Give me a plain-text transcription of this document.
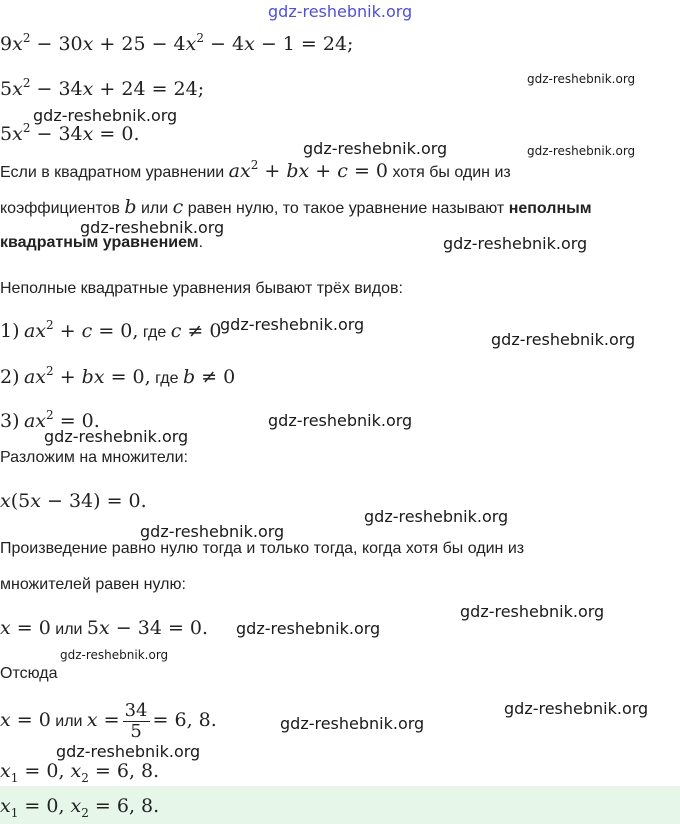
gdz-reshebnik.org
gdz-reshebnik.org
gdz-reshebnik.org
gdz-reshebnik.org	gdz-reshebnik.org
gdz-reshebnik.org
gdz-reshebnik.org
gdz-reshebnik.org
gdz-reshebnik.org
gdz-reshebnik.org
gdz-reshebnik.org
gdz-reshebnik.org
gdz-reshebnik.org
gdz-reshebnik.org
gdz-reshebnik.org
gdz-reshebnik.org
gdz-reshebnik.org
gdz-reshebnik.org
gdz-reshebnik.org
$9x^2 - 30x + 25 - 4x^2 - 4x - 1 = 24$;
$5x^2 - 34x + 24 = 24$;
$5x^2 - 34x = 0$.
Если в квадратном уравнении $ax^2$ + bx + c = 0 хотя бы один из
коэффициентов b или c равен нулю, то такое уравнение называют неполным
квадратным уравнением.
Неполные квадратные уравнения бывают трёх видов:
1) $ax^2 + c = 0$, где c ≠ 0
2) $ax^2$ + bx = 0, где b ≠ 0
3) $ax^2 = 0$.
Разложим на множители:
x(5x − 34) = 0.
Произведение равно нулю тогда и только тогда, когда хотя бы один из
множителей равен нулю:
x = 0 или 5x − 34 = 0.
Отсюда
x = 0 или $x = \frac{34}{5} = 6$, 8.
$x_1 = 0$, $x_2 = 6$, 8.
$x_1 = 0$, $x_2 = 6$, 8.
